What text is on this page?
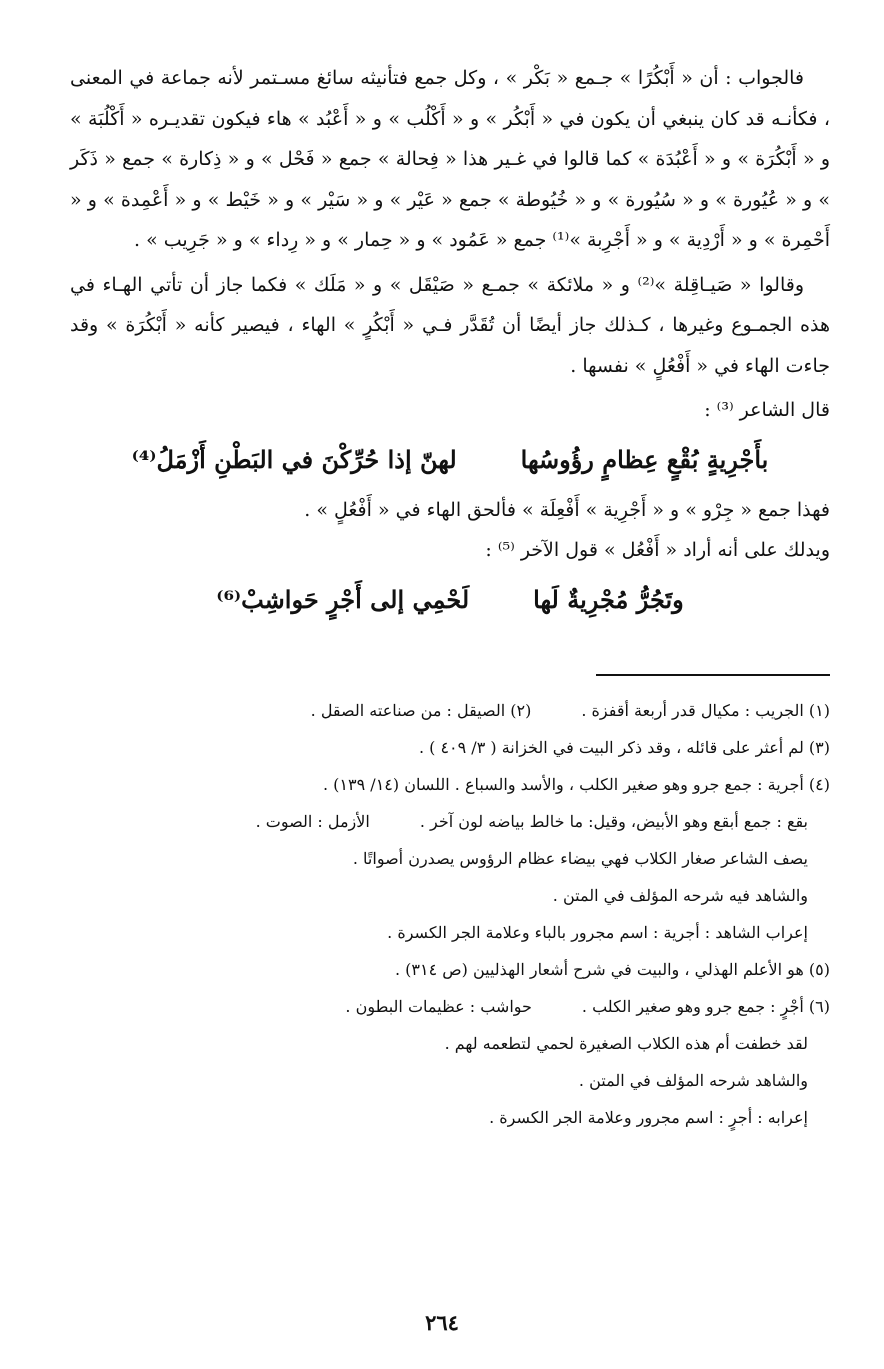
فالجواب : أن « أَبْكُرًا » جـمع « بَكْر » ، وكل جمع فتأنيثه سائغ مسـتمر لأنه جماعة في المعنى ، فكأنـه قد كان ينبغي أن يكون في « أَبْكُر » و « أَكْلُب » و « أَعْبُد » هاء فيكون تقديـره « أَكْلُبَة » و « أَبْكُرَة » و « أَعْبُدَة » كما قالوا في غـير هذا « فِحالة » جمع « فَحْل » و « ذِكارة » جمع « ذَكَر » و « عُيُورة » و « سُيُورة » و « خُيُوطة » جمع « عَيْر » و « سَيْر » و « خَيْط » و « أَعْمِدة » و « أَحْمِرة » و « أَرْدِية » و « أَجْرِبة »⁽¹⁾ جمع « عَمُود » و « حِمار » و « رِداء » و « جَرِيب » .

وقالوا « صَيـاقِلة »⁽²⁾ و « ملائكة » جمـع « صَيْقَل » و « مَلَك » فكما جاز أن تأتي الهـاء في هذه الجمـوع وغيرها ، كـذلك جاز أيضًا أن تُقَدَّر فـي « أَبْكُرٍ » الهاء ، فيصير كأنه « أَبْكُرَة » وقد جاءت الهاء في « أَفْعُلٍ » نفسها .

قال الشاعر ⁽³⁾ :

بأَجْرِيةٍ بُقْعٍ عِظامٍ رؤُوسُها
لهنّ إذا حُرِّكْنَ في البَطْنِ أَزْمَلُ⁽⁴⁾

فهذا جمع « جِرْو » و « أَجْرِية » أَفْعِلَة » فألحق الهاء في « أَفْعُلٍ » .

ويدلك على أنه أراد « أَفْعُل » قول الآخر ⁽⁵⁾ :

وتَجُرُّ مُجْرِيةٌ لَها
لَحْمِي إلى أَجْرٍ حَواشِبْ⁽⁶⁾

(١) الجريب : مكيال قدر أربعة أقفزة .(٢) الصيقل : من صناعته الصقل .

(٣) لم أعثر على قائله ، وقد ذكر البيت في الخزانة ( ٣/ ٤٠٩ ) .

(٤) أجرية : جمع جرو وهو صغير الكلب ، والأسد والسباع . اللسان (١٤/ ١٣٩) .

بقع : جمع أبقع وهو الأبيض، وقيل: ما خالط بياضه لون آخر .الأزمل : الصوت .

يصف الشاعر صغار الكلاب فهي بيضاء عظام الرؤوس يصدرن أصواتًا .

والشاهد فيه شرحه المؤلف في المتن .

إعراب الشاهد : أجرية : اسم مجرور بالباء وعلامة الجر الكسرة .

(٥) هو الأعلم الهذلي ، والبيت في شرح أشعار الهذليين (ص ٣١٤) .

(٦) أجْرٍ : جمع جرو وهو صغير الكلب .حواشب : عظيمات البطون .

لقد خطفت أم هذه الكلاب الصغيرة لحمي لتطعمه لهم .

والشاهد شرحه المؤلف في المتن .

إعرابه : أجرٍ : اسم مجرور وعلامة الجر الكسرة .

٢٦٤
